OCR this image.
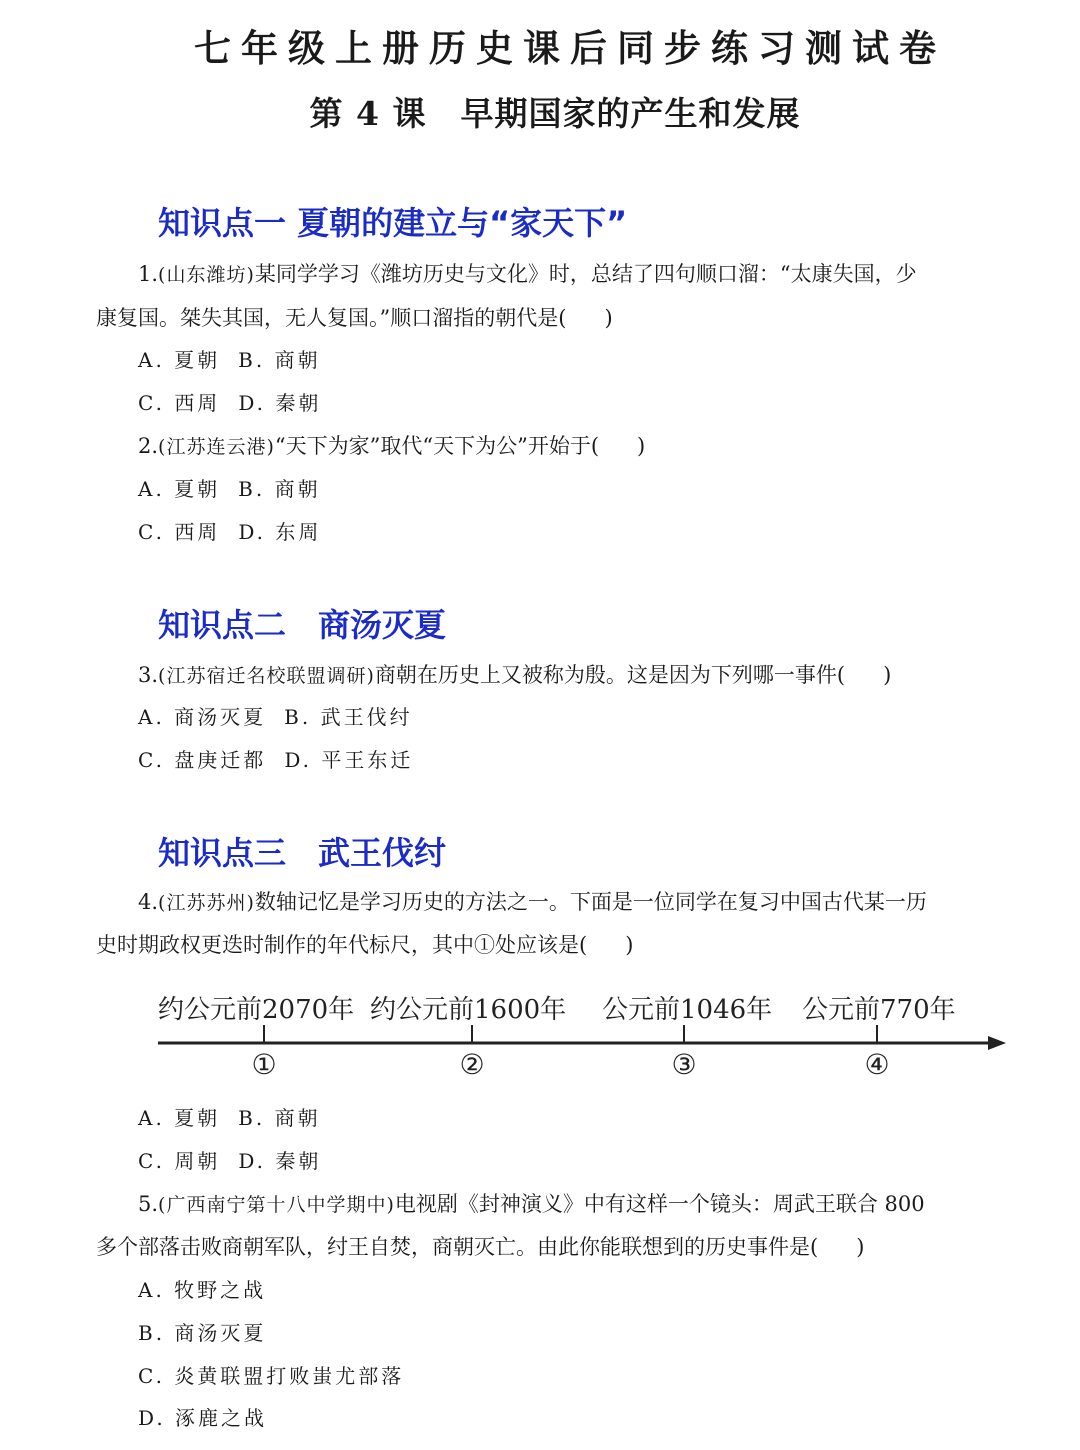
七年级上册历史课后同步练习测试卷
第 4 课　早期国家的产生和发展
知识点一 夏朝的建立与“家天下”
1.(山东潍坊)某同学学习《潍坊历史与文化》时，总结了四句顺口溜：“太康失国，少
康复国。桀失其国，无人复国。”顺口溜指的朝代是( )
A. 夏朝 B. 商朝
C. 西周 D. 秦朝
2.(江苏连云港)“天下为家”取代“天下为公”开始于( )
A. 夏朝 B. 商朝
C. 西周 D. 东周
知识点二　商汤灭夏
3.(江苏宿迁名校联盟调研)商朝在历史上又被称为殷。这是因为下列哪一事件( )
A. 商汤灭夏 B. 武王伐纣
C. 盘庚迁都 D. 平王东迁
知识点三　武王伐纣
4.(江苏苏州)数轴记忆是学习历史的方法之一。下面是一位同学在复习中国古代某一历
史时期政权更迭时制作的年代标尺，其中①处应该是( )
约公元前2070年 约公元前1600年 公元前1046年 公元前770年
①	②	③	④
A. 夏朝 B. 商朝
C. 周朝 D. 秦朝
5.(广西南宁第十八中学期中)电视剧《封神演义》中有这样一个镜头：周武王联合 800
多个部落击败商朝军队，纣王自焚，商朝灭亡。由此你能联想到的历史事件是( )
A. 牧野之战
B. 商汤灭夏
C. 炎黄联盟打败蚩尤部落
D. 涿鹿之战
